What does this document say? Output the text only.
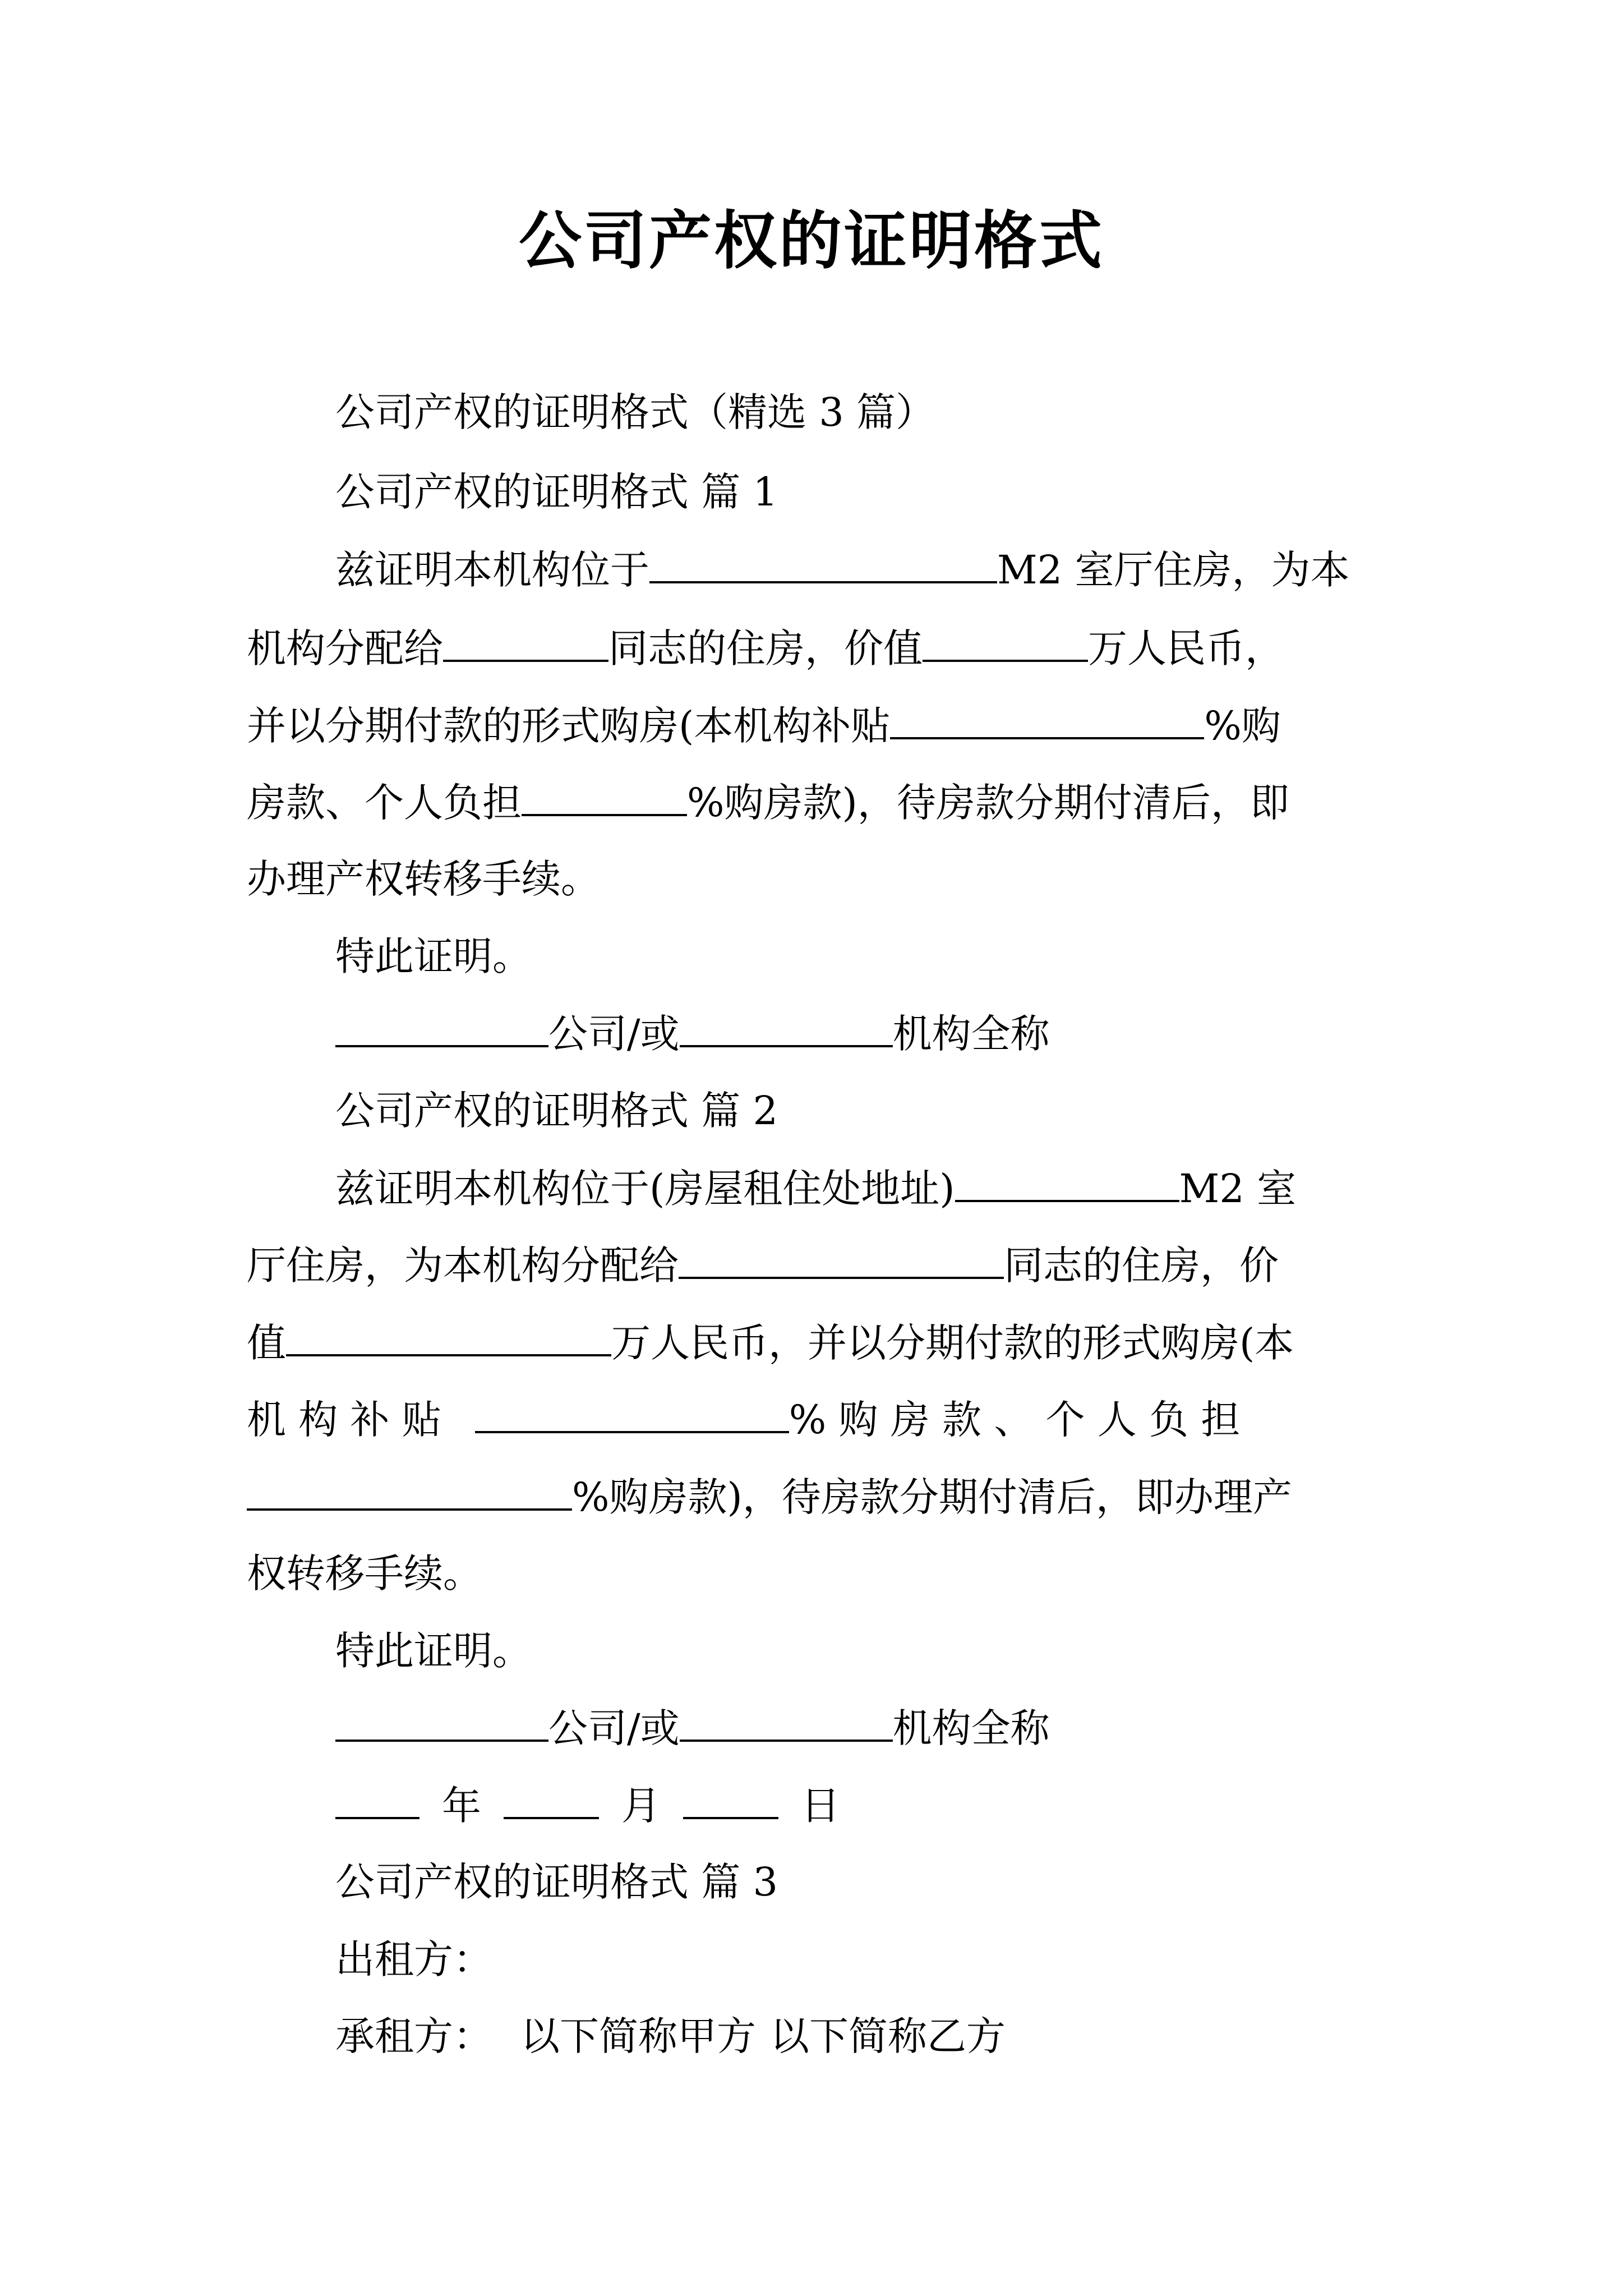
公司产权的证明格式
公司产权的证明格式（精选 3 篇）
公司产权的证明格式 篇 1
兹证明本机构位于	M2 室厅住房，为本
机构分配给	同志的住房，价值	万人民币，
并以分期付款的形式购房(本机构补贴	%购
房款、个人负担	%购房款)，待房款分期付清后，即
办理产权转移手续。
特此证明。
公司/或	机构全称
公司产权的证明格式 篇 2
兹证明本机构位于(房屋租住处地址)	M2 室
厅住房，为本机构分配给	同志的住房，价
值	万人民币，并以分期付款的形式购房(本
机 构 补 贴	% 购 房 款 、 个 人 负 担
%购房款)，待房款分期付清后，即办理产
权转移手续。
特此证明。
公司/或	机构全称
年	月	日
公司产权的证明格式 篇 3
出租方：
承租方： 以下简称甲方 以下简称乙方
